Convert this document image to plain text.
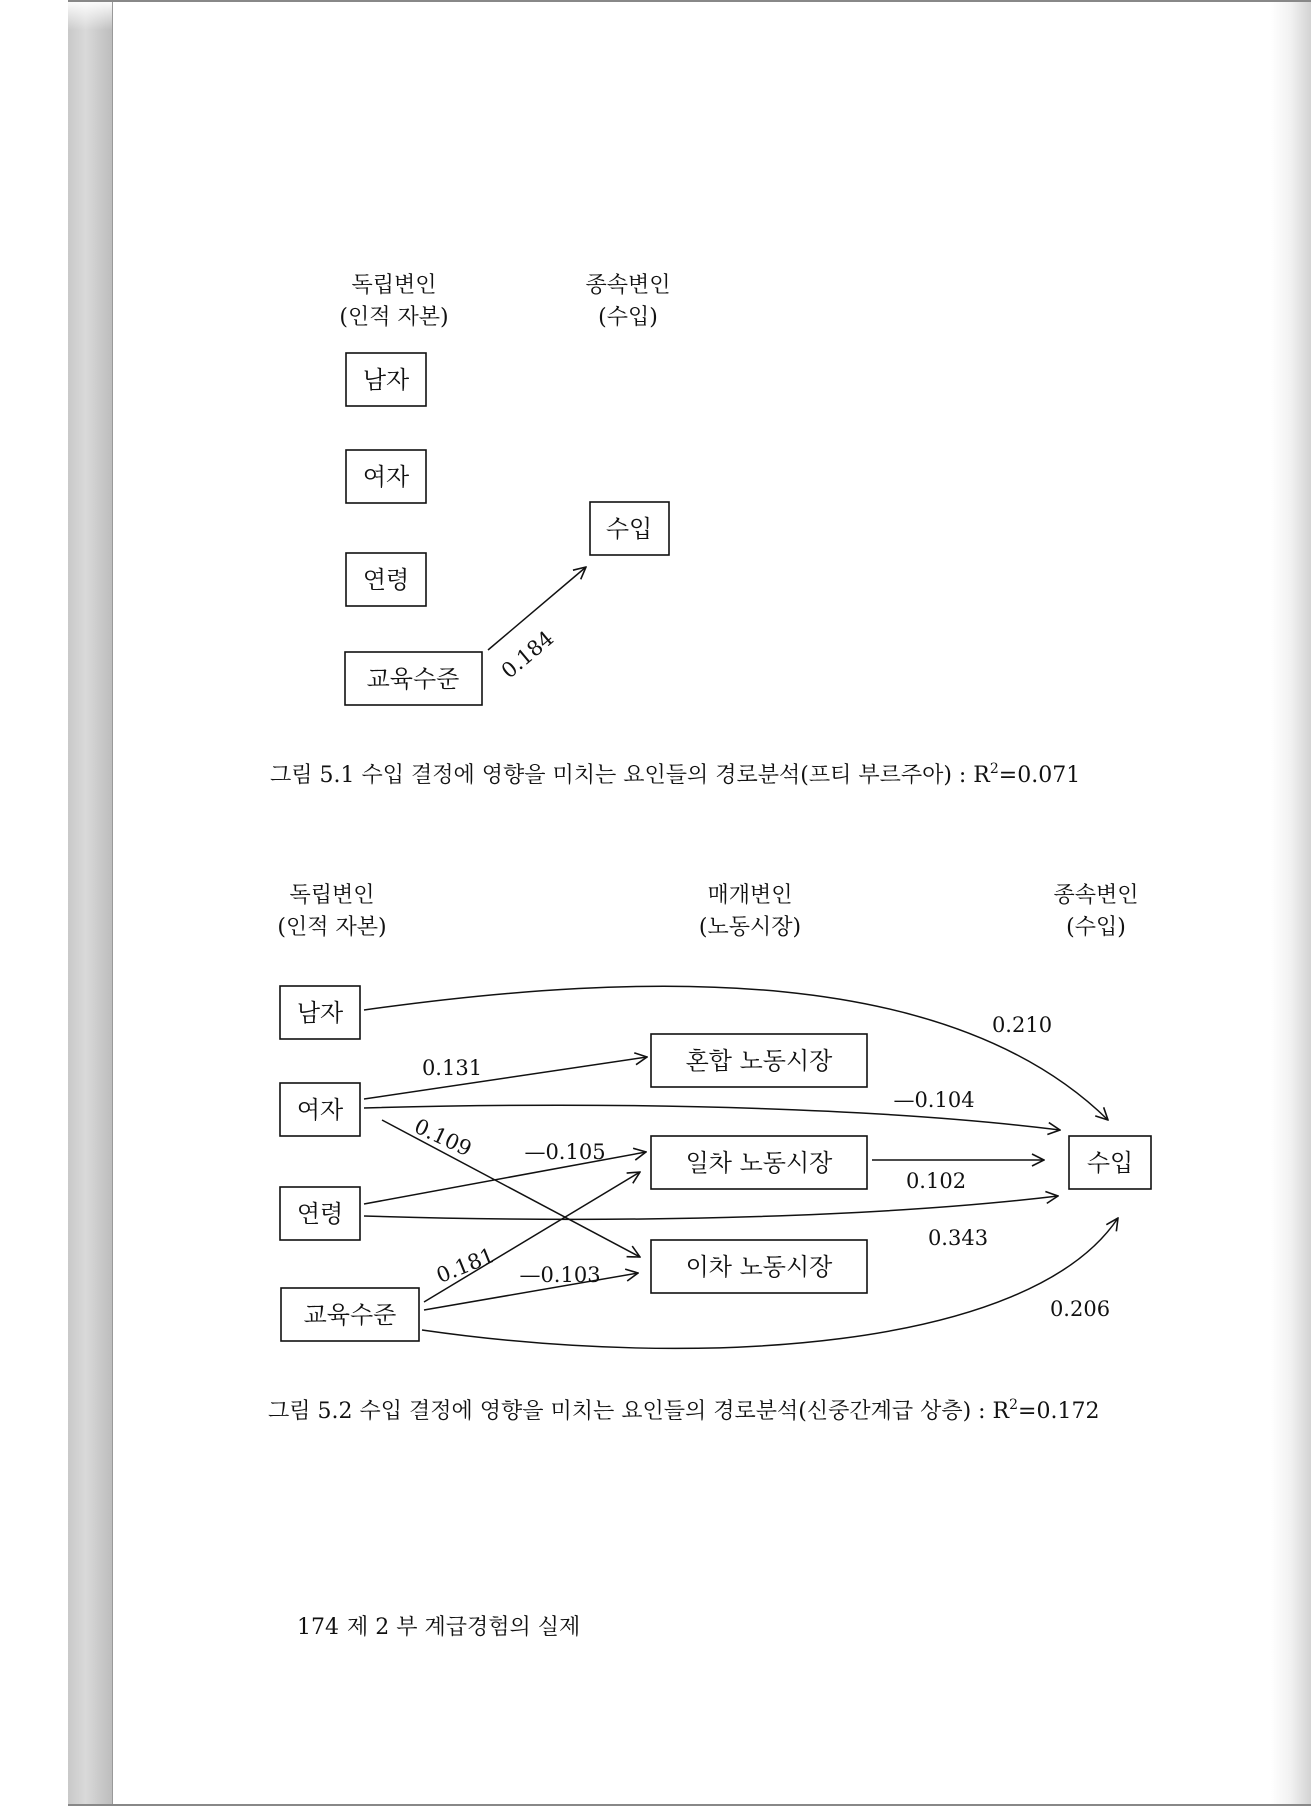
독립변인
(인적 자본)
종속변인
(수입)
남자
여자
연령
교육수준
수입
0.184
그림 5.1 수입 결정에 영향을 미치는 요인들의 경로분석(프티 부르주아) : $R^2=0.071$
독립변인
(인적 자본)
매개변인
(노동시장)
종속변인
(수입)
남자
여자
연령
교육수준
혼합 노동시장
일차 노동시장
이차 노동시장
수입
0.210
0.131
—0.104
0.109 —0.105
0.102
0.343
0.181 —0.103
0.206
그림 5.2 수입 결정에 영향을 미치는 요인들의 경로분석(신중간계급 상층) : $R^2=0.172$
174 제 2 부 계급경험의 실제
